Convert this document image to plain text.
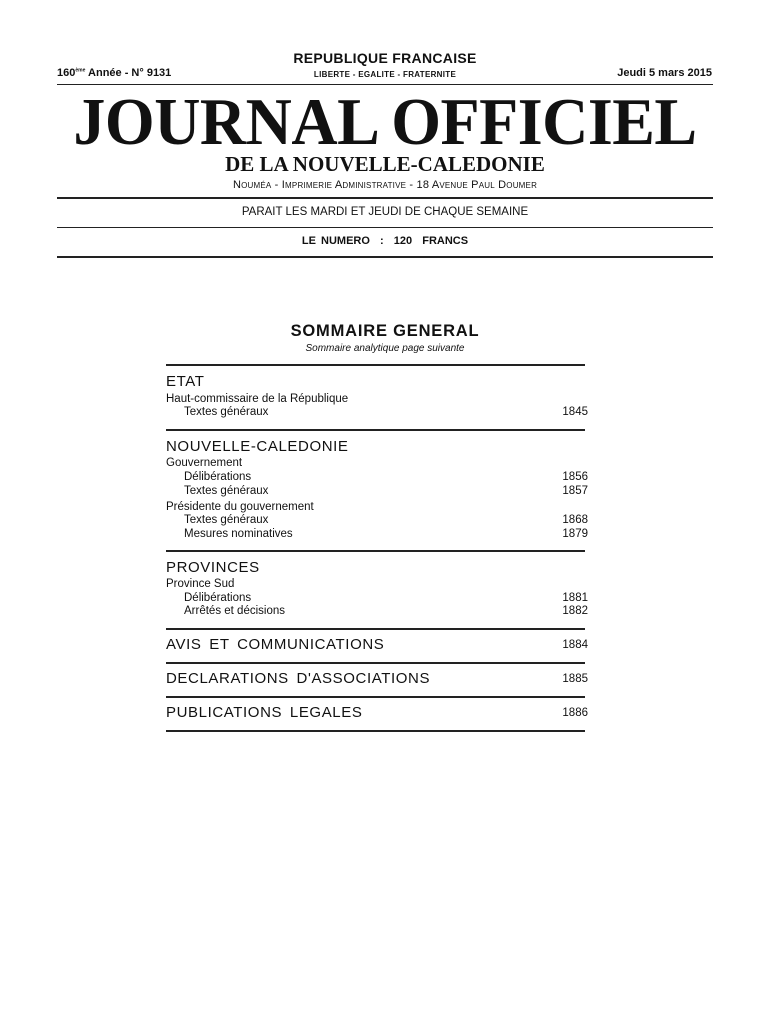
REPUBLIQUE FRANCAISE
160ème Année - N° 9131	LIBERTE - EGALITE - FRATERNITE	Jeudi 5 mars 2015
JOURNAL OFFICIEL
DE LA NOUVELLE-CALEDONIE
Nouméa - Imprimerie Administrative - 18 Avenue Paul Doumer
PARAIT LES MARDI ET JEUDI DE CHAQUE SEMAINE
LE NUMERO  :  120  FRANCS
SOMMAIRE GENERAL
Sommaire analytique page suivante
ETAT
Haut-commissaire de la République
Textes généraux	1845
NOUVELLE-CALEDONIE
Gouvernement
Délibérations	1856
Textes généraux	1857
Présidente du gouvernement
Textes généraux	1868
Mesures nominatives	1879
PROVINCES
Province Sud
Délibérations	1881
Arrêtés et décisions	1882
AVIS ET COMMUNICATIONS	1884
DECLARATIONS D'ASSOCIATIONS	1885
PUBLICATIONS LEGALES	1886
